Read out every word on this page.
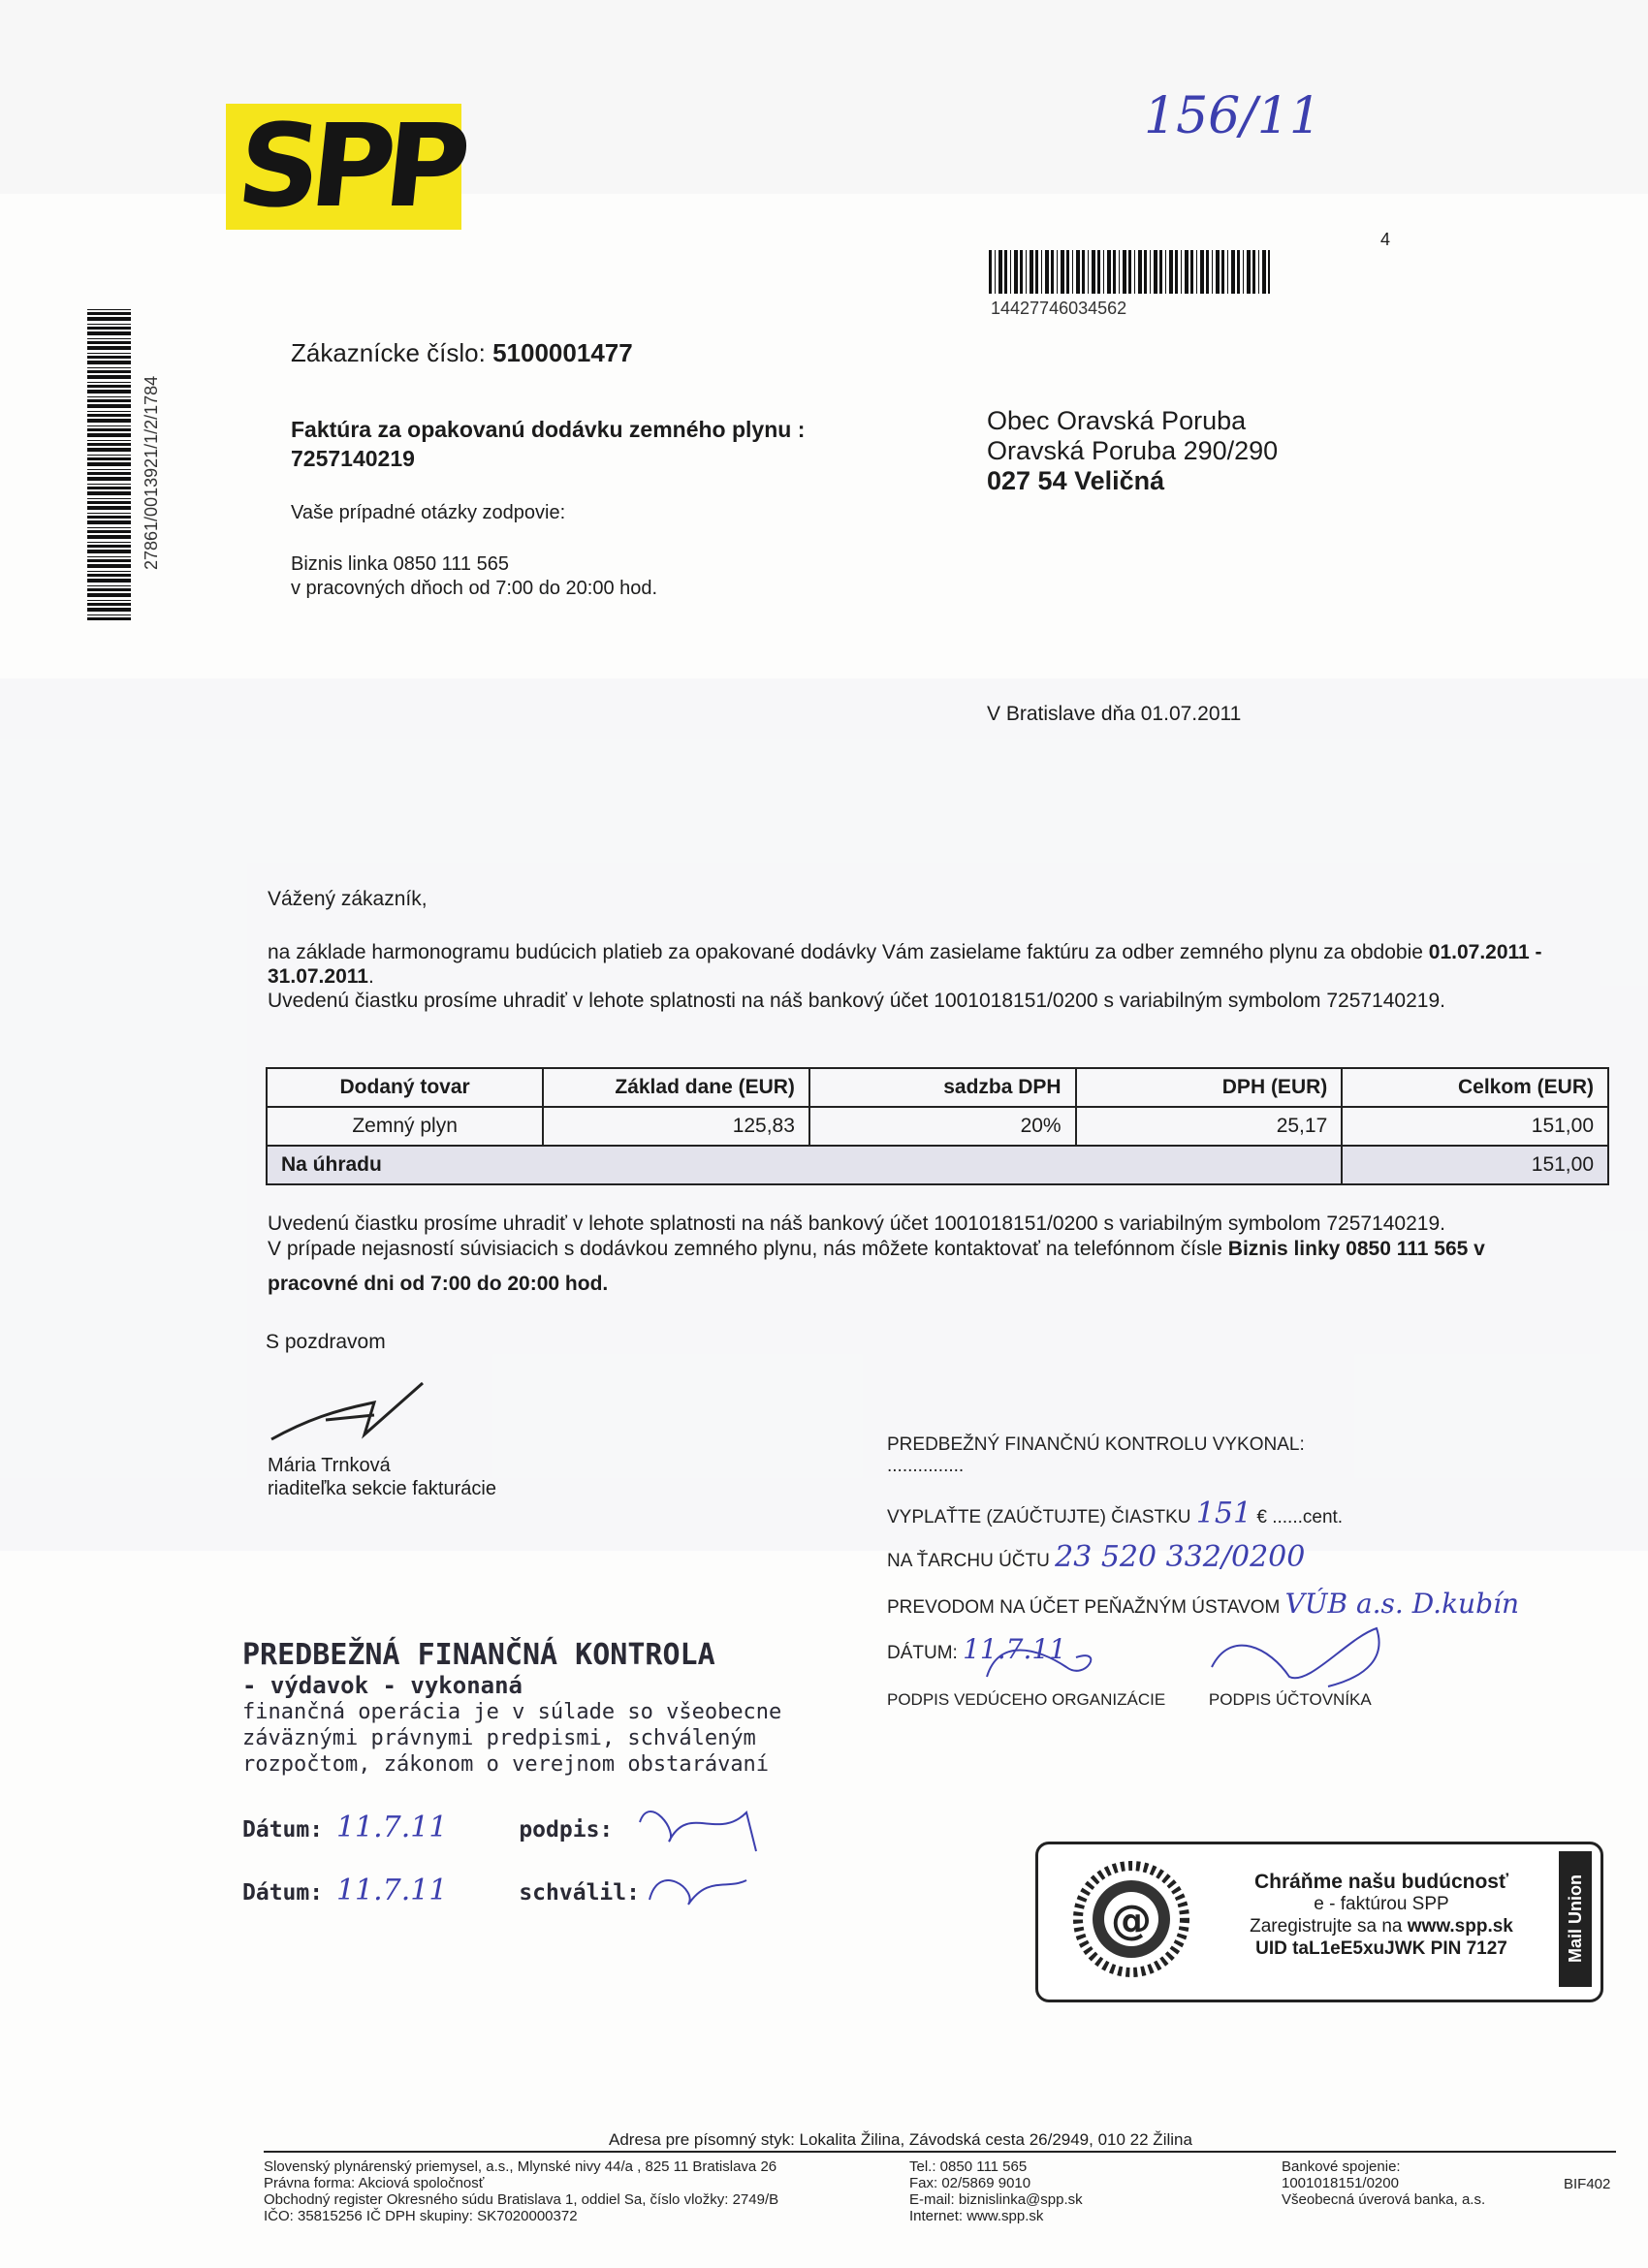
SPP	156/11
4
14427746034562
27861/0013921/1/2/1784
Zákaznícke číslo: 5100001477
Faktúra za opakovanú dodávku zemného plynu :
7257140219
Vaše prípadné otázky zodpovie:
Biznis linka 0850 111 565
v pracovných dňoch od 7:00 do 20:00 hod.
Obec Oravská Poruba
Oravská Poruba 290/290
027 54 Veličná
V Bratislave dňa 01.07.2011
Vážený zákazník,
na základe harmonogramu budúcich platieb za opakované dodávky Vám zasielame faktúru za odber zemného plynu za obdobie 01.07.2011 -
31.07.2011.
Uvedenú čiastku prosíme uhradiť v lehote splatnosti na náš bankový účet 1001018151/0200 s variabilným symbolom 7257140219.
Dodaný tovar	Základ dane (EUR)	sadzba DPH	DPH (EUR)	Celkom (EUR)
Zemný plyn	125,83	20%	25,17	151,00
Na úhradu				151,00
Uvedenú čiastku prosíme uhradiť v lehote splatnosti na náš bankový účet 1001018151/0200 s variabilným symbolom 7257140219.
V prípade nejasností súvisiacich s dodávkou zemného plynu, nás môžete kontaktovať na telefónnom čísle Biznis linky 0850 111 565 v
pracovné dni od 7:00 do 20:00 hod.
S pozdravom
Mária Trnková
riaditeľka sekcie fakturácie
PREDBEŽNÝ FINANČNÚ KONTROLU VYKONAL: ...............
VYPLAŤTE (ZAÚČTUJTE) ČIASTKU 151 € ......cent.
NA ŤARCHU ÚČTU 23 520 332/0200
PREVODOM NA ÚČET PEŇAŽNÝM ÚSTAVOM VÚB a.s. D.kubín
DÁTUM: 11.7.11
PODPIS VEDÚCEHO ORGANIZÁCIE	PODPIS ÚČTOVNÍKA
PREDBEŽNÁ FINANČNÁ KONTROLA
- výdavok - vykonaná
finančná operácia je v súlade so všeobecne
záväznými právnymi predpismi, schváleným
rozpočtom, zákonom o verejnom obstarávaní
Dátum: 11.7.11	podpis:
Dátum: 11.7.11	schválil:
@
Chráňme našu budúcnosť
e - faktúrou SPP
Zaregistrujte sa na www.spp.sk
UID taL1eE5xuJWK PIN 7127	Mail Union
Adresa pre písomný styk: Lokalita Žilina, Závodská cesta 26/2949, 010 22 Žilina
Slovenský plynárenský priemysel, a.s., Mlynské nivy 44/a , 825 11 Bratislava 26
Právna forma: Akciová spoločnosť
Obchodný register Okresného súdu Bratislava 1, oddiel Sa, číslo vložky: 2749/B
IČO: 35815256 IČ DPH skupiny: SK7020000372
Tel.: 0850 111 565
Fax: 02/5869 9010
E-mail: biznislinka@spp.sk
Internet: www.spp.sk
Bankové spojenie:
1001018151/0200
Všeobecná úverová banka, a.s.
BIF402
